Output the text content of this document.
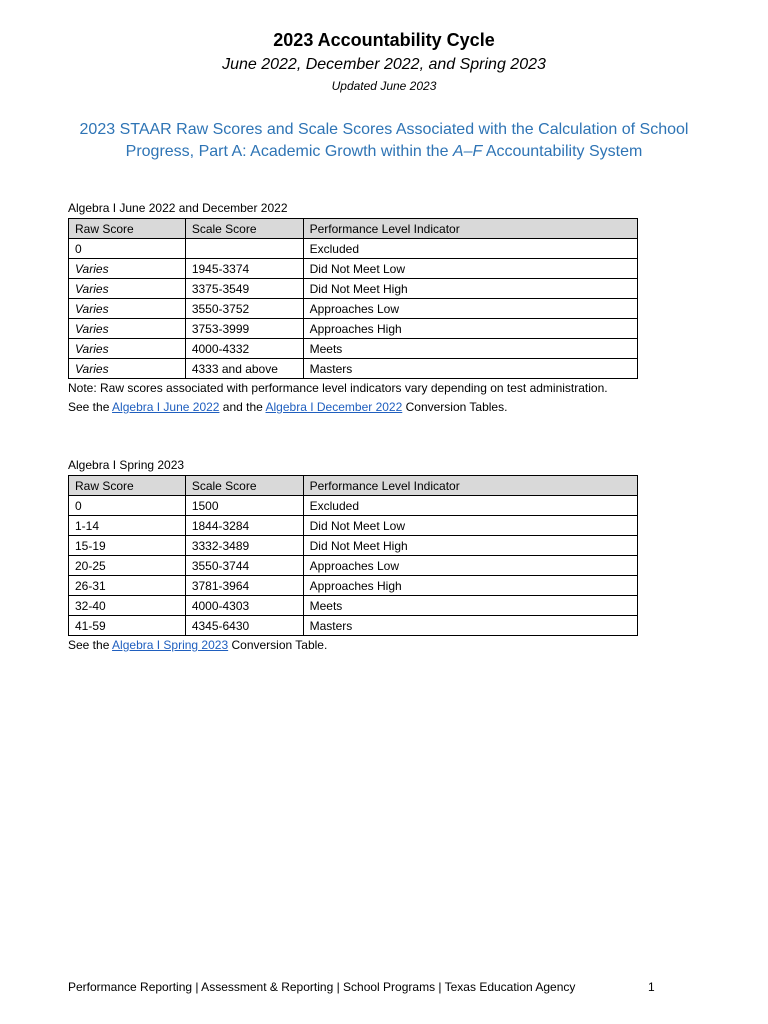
2023 Accountability Cycle
June 2022, December 2022, and Spring 2023
Updated June 2023
2023 STAAR Raw Scores and Scale Scores Associated with the Calculation of School
Progress, Part A: Academic Growth within the A–F Accountability System
Algebra I June 2022 and December 2022
Raw Score	Scale Score	Performance Level Indicator
0		Excluded
Varies	1945-3374	Did Not Meet Low
Varies	3375-3549	Did Not Meet High
Varies	3550-3752	Approaches Low
Varies	3753-3999	Approaches High
Varies	4000-4332	Meets
Varies	4333 and above	Masters
Note: Raw scores associated with performance level indicators vary depending on test administration.
See the Algebra I June 2022 and the Algebra I December 2022 Conversion Tables.
Algebra I Spring 2023
Raw Score	Scale Score	Performance Level Indicator
0	1500	Excluded
1-14	1844-3284	Did Not Meet Low
15-19	3332-3489	Did Not Meet High
20-25	3550-3744	Approaches Low
26-31	3781-3964	Approaches High
32-40	4000-4303	Meets
41-59	4345-6430	Masters
See the Algebra I Spring 2023 Conversion Table.
Performance Reporting | Assessment & Reporting | School Programs | Texas Education Agency	1
